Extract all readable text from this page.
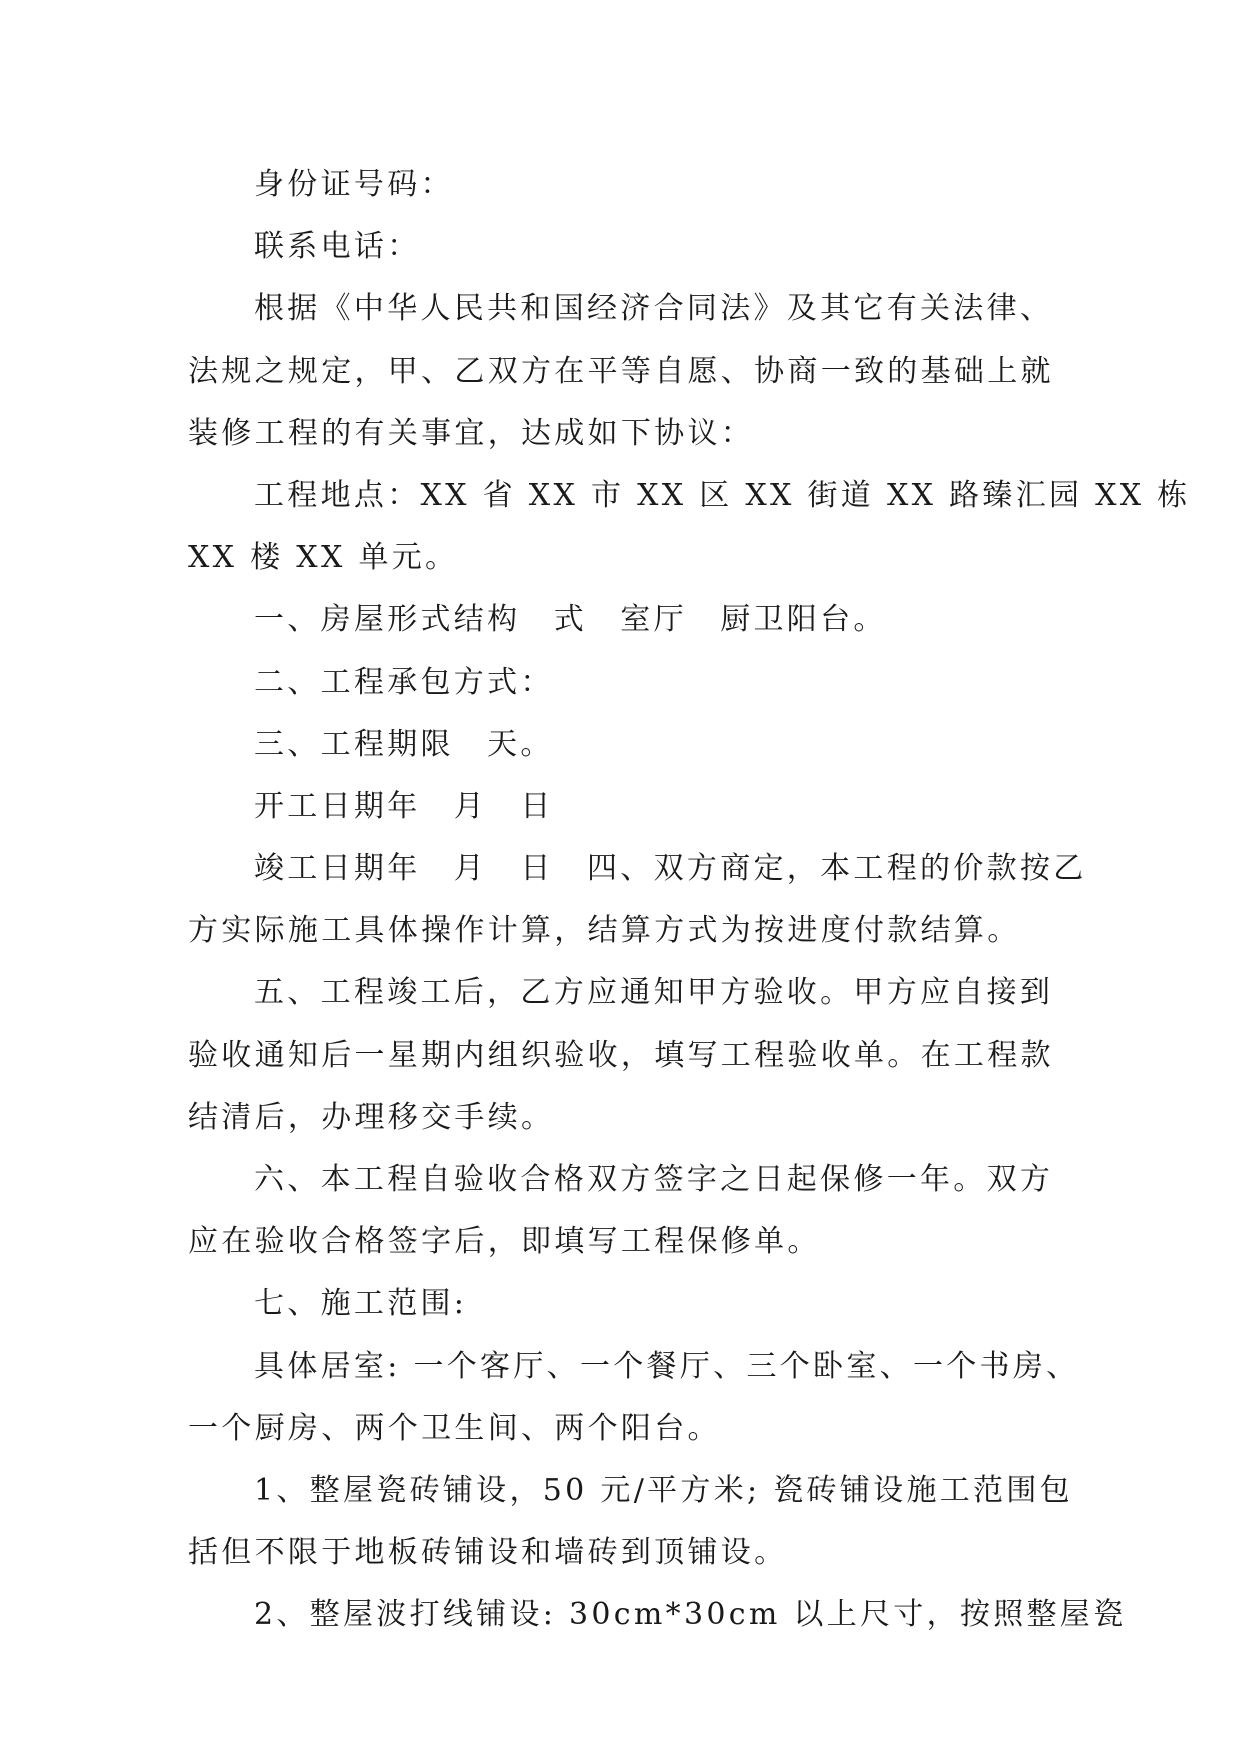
身份证号码：
联系电话：
根据《中华人民共和国经济合同法》及其它有关法律、
法规之规定，甲、乙双方在平等自愿、协商一致的基础上就
装修工程的有关事宜，达成如下协议：
工程地点：XX 省 XX 市 XX 区 XX 街道 XX 路臻汇园 XX 栋
XX 楼 XX 单元。
一、房屋形式结构　式　室厅　厨卫阳台。
二、工程承包方式：
三、工程期限　天。
开工日期年　月　日
竣工日期年　月　日　四、双方商定，本工程的价款按乙
方实际施工具体操作计算，结算方式为按进度付款结算。
五、工程竣工后，乙方应通知甲方验收。甲方应自接到
验收通知后一星期内组织验收，填写工程验收单。在工程款
结清后，办理移交手续。
六、本工程自验收合格双方签字之日起保修一年。双方
应在验收合格签字后，即填写工程保修单。
七、施工范围:
具体居室: 一个客厅、一个餐厅、三个卧室、一个书房、
一个厨房、两个卫生间、两个阳台。
1、整屋瓷砖铺设，50 元/平方米; 瓷砖铺设施工范围包
括但不限于地板砖铺设和墙砖到顶铺设。
2、整屋波打线铺设: 30cm*30cm 以上尺寸，按照整屋瓷
